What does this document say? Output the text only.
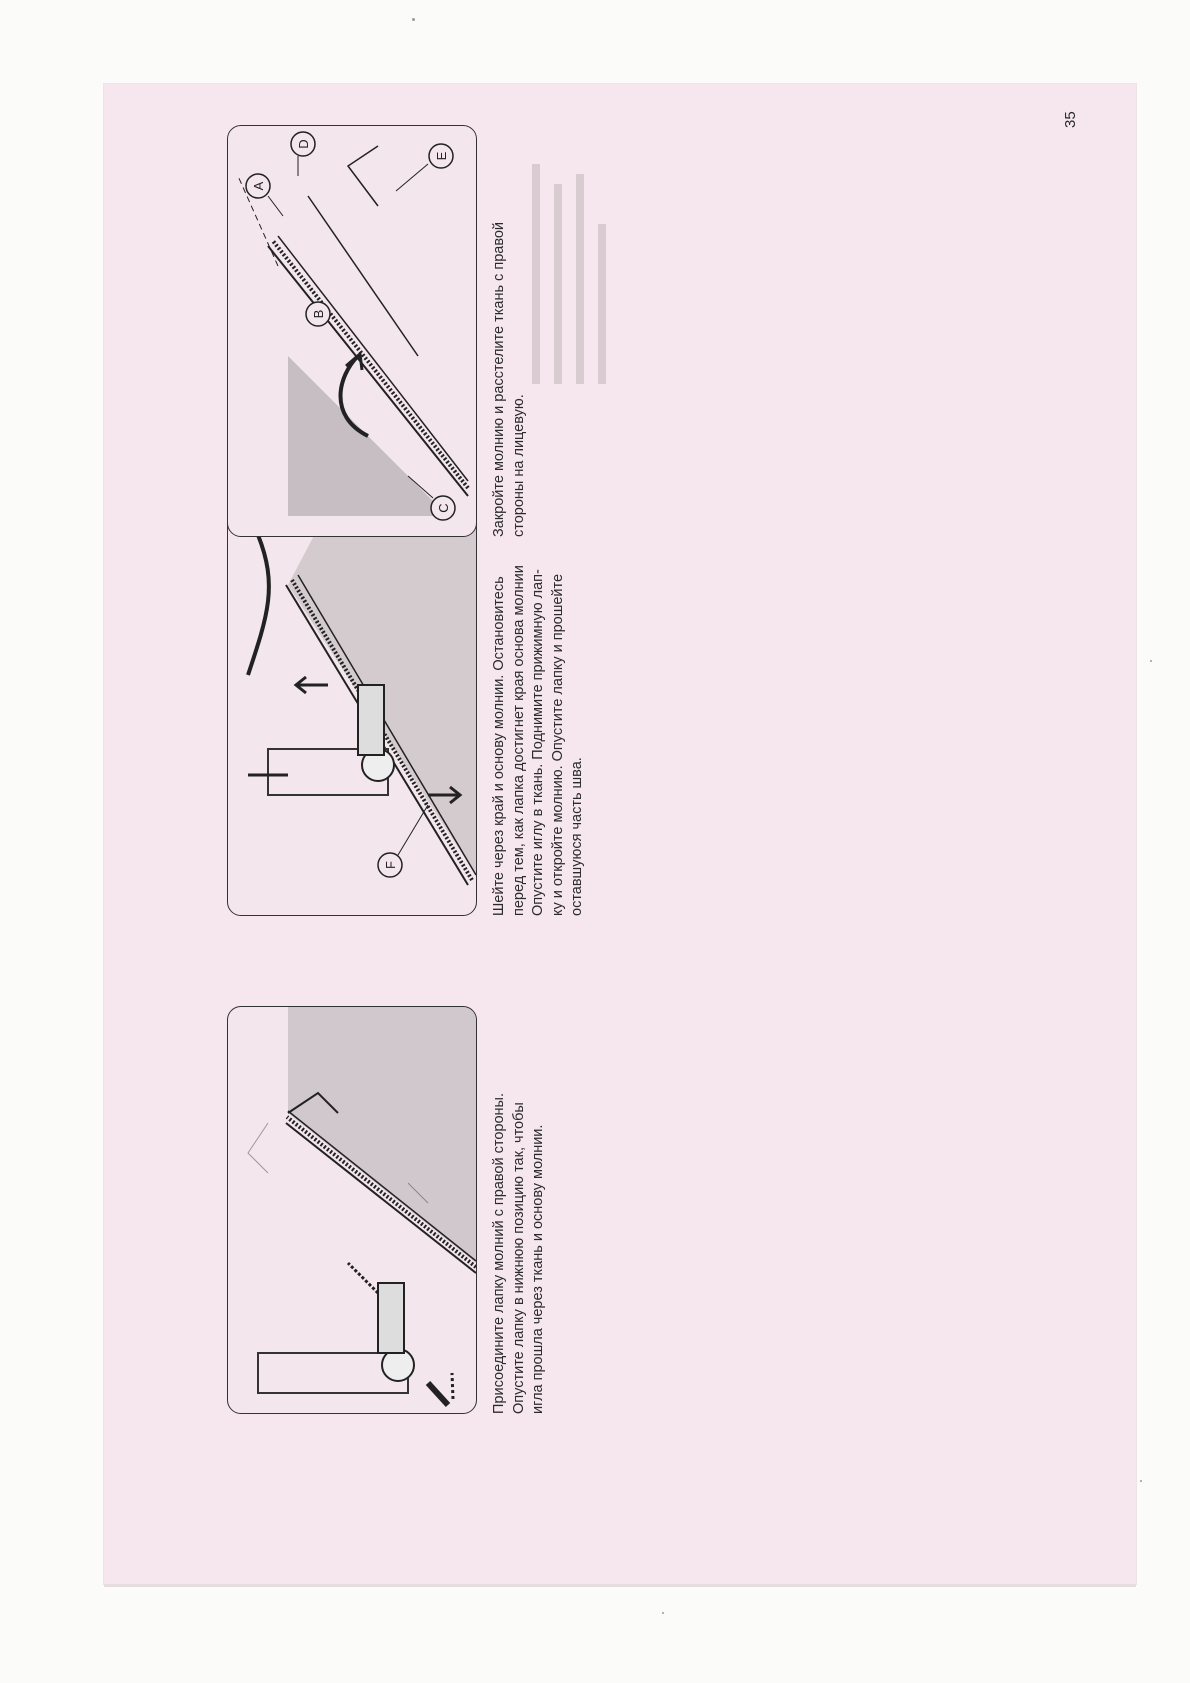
F
C
B
A
D
E
Присоедините лапку молний с правой стороны. Опустите лапку в нижнюю позицию так, чтобы игла прошла через ткань и основу молнии.
Шейте через край и основу молнии. Остановитесь перед тем, как лапка достигнет края основа молнии Опустите иглу в ткань. Поднимите прижимную лап- ку и откройте молнию. Опустите лапку и прошейте оставшуюся часть шва.
Закройте молнию и расстелите ткань с правой стороны на лицевую.
35
